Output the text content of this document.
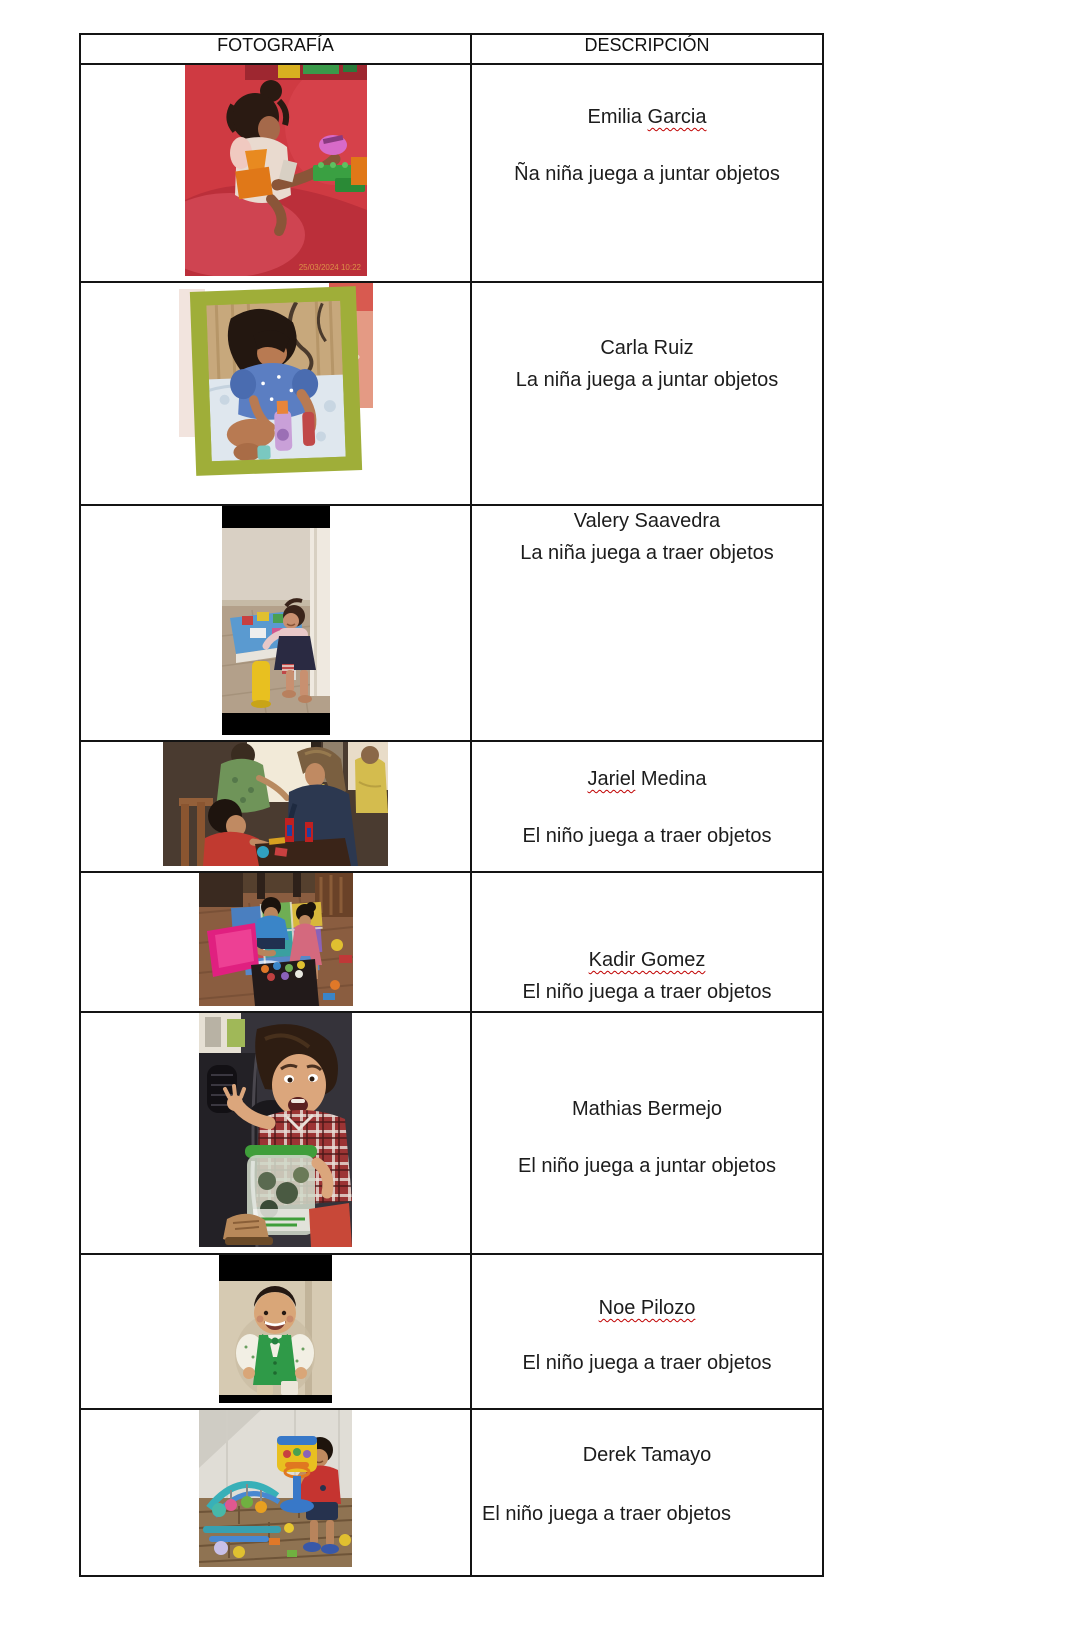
FOTOGRAFÍA	DESCRIPCIÓN

25/03/2024 10:22	Emilia Garcia
Ña niña juega a juntar objetos

Carla Ruiz
La niña juega a juntar objetos

Valery Saavedra
La niña juega a traer objetos

Jariel Medina
El niño juega a traer objetos

Kadir Gomez
El niño juega a traer objetos

Mathias Bermejo
El niño juega a juntar objetos

Noe Pilozo
El niño juega a traer objetos

Derek Tamayo
El niño juega a traer objetos
